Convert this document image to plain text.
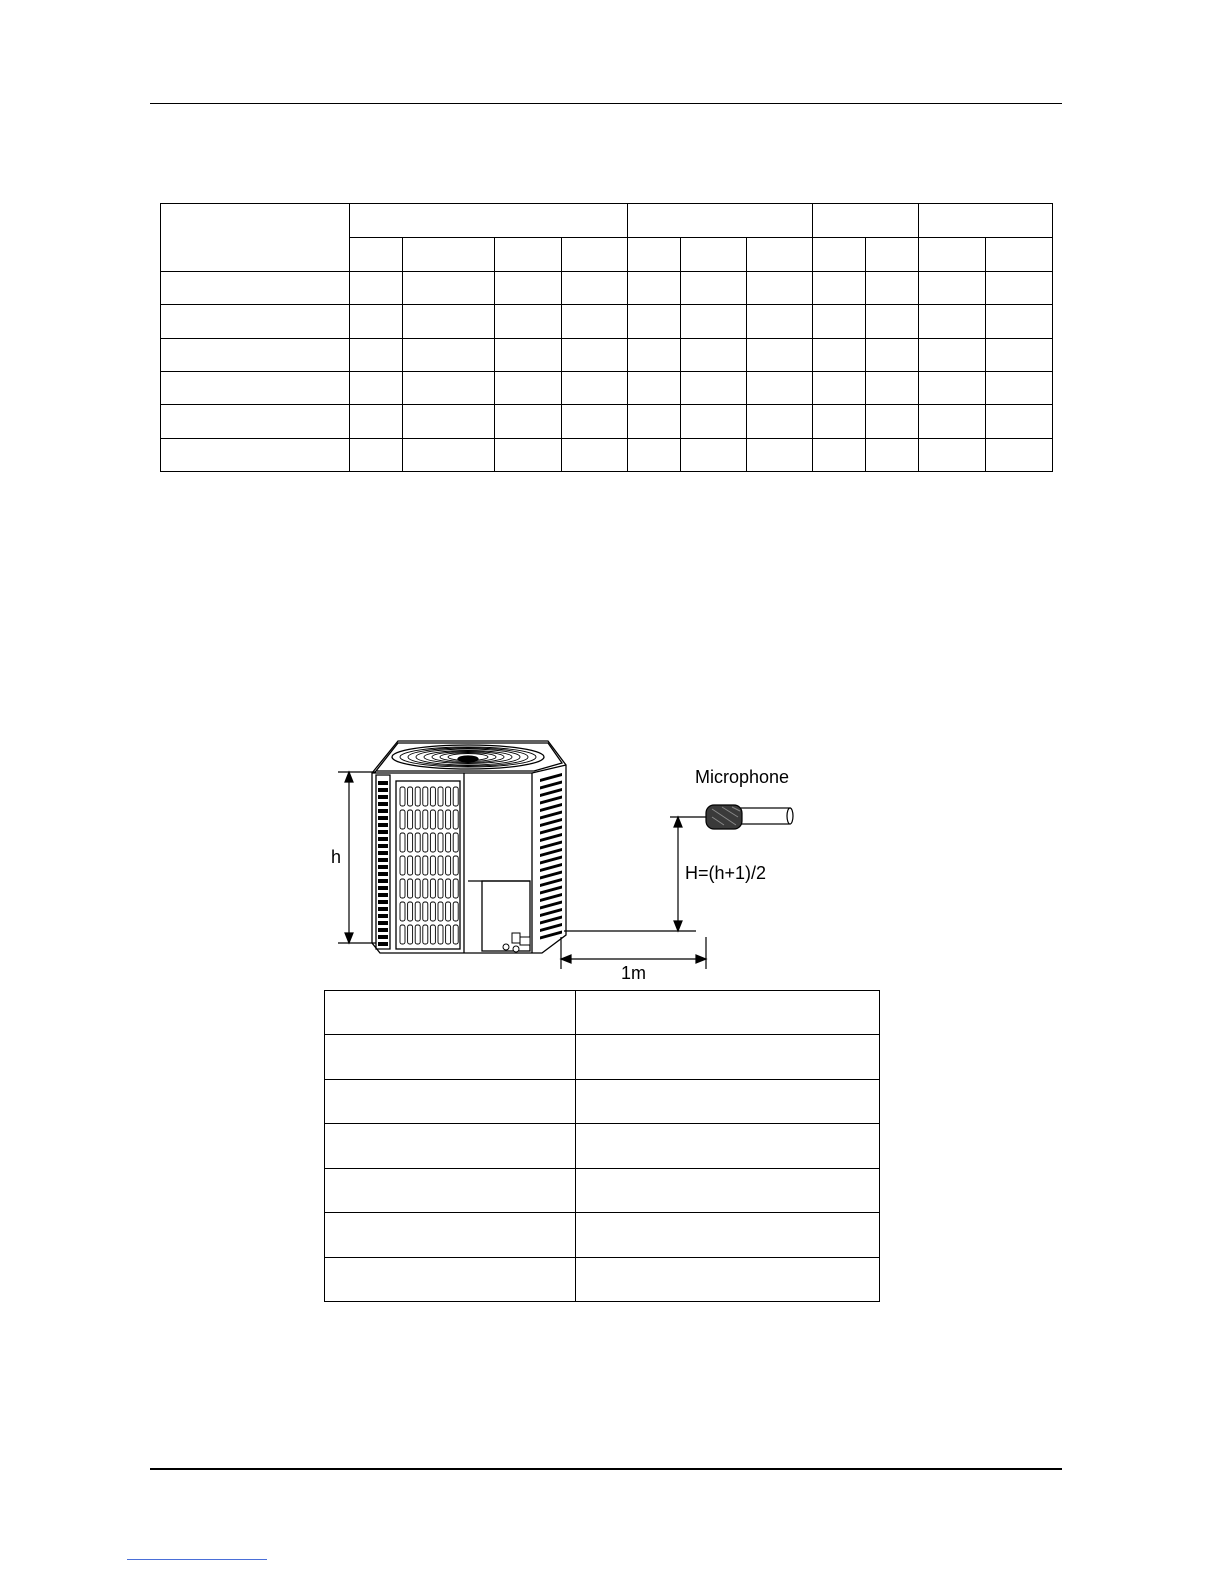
h
1m
H=(h+1)/2
Microphone
